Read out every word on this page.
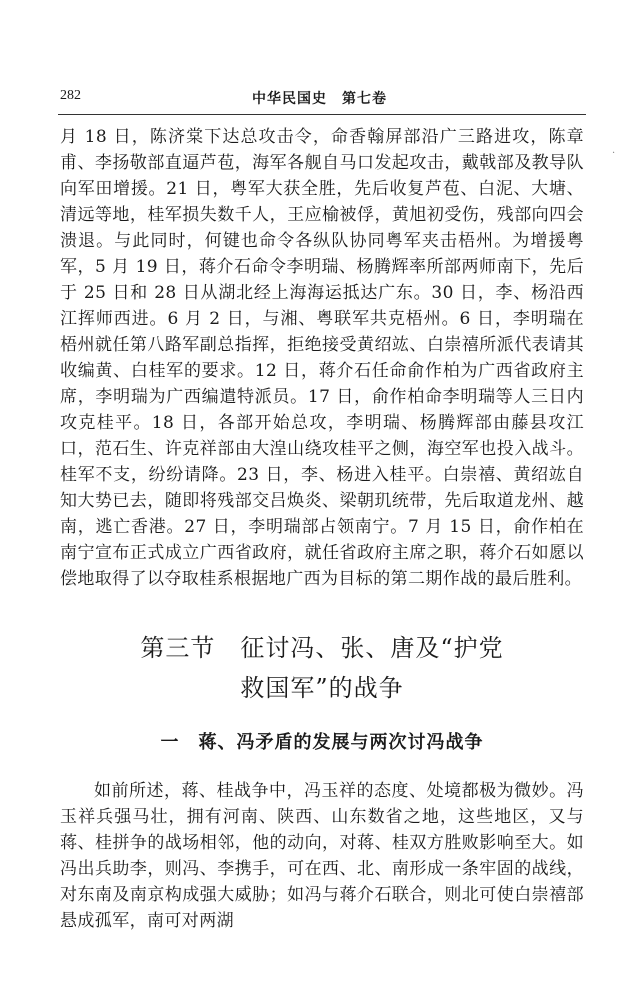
282	中华民国史　第七卷
·

月 18 日，陈济棠下达总攻击令，命香翰屏部沿广三路进攻，陈章甫、李扬敬部直逼芦苞，海军各舰自马口发起攻击，戴戟部及教导队向军田增援。21 日，粤军大获全胜，先后收复芦苞、白泥、大塘、清远等地，桂军损失数千人，王应榆被俘，黄旭初受伤，残部向四会溃退。与此同时，何键也命令各纵队协同粤军夹击梧州。为增援粤军，5 月 19 日，蒋介石命令李明瑞、杨腾辉率所部两师南下，先后于 25 日和 28 日从湖北经上海海运抵达广东。30 日，李、杨沿西江挥师西进。6 月 2 日，与湘、粤联军共克梧州。6 日，李明瑞在梧州就任第八路军副总指挥，拒绝接受黄绍竑、白崇禧所派代表请其收编黄、白桂军的要求。12 日，蒋介石任命俞作柏为广西省政府主席，李明瑞为广西编遣特派员。17 日，俞作柏命李明瑞等人三日内攻克桂平。18 日，各部开始总攻，李明瑞、杨腾辉部由藤县攻江口，范石生、许克祥部由大湟山绕攻桂平之侧，海空军也投入战斗。桂军不支，纷纷请降。23 日，李、杨进入桂平。白崇禧、黄绍竑自知大势已去，随即将残部交吕焕炎、梁朝玑统带，先后取道龙州、越南，逃亡香港。27 日，李明瑞部占领南宁。7 月 15 日，俞作柏在南宁宣布正式成立广西省政府，就任省政府主席之职，蒋介石如愿以偿地取得了以夺取桂系根据地广西为目标的第二期作战的最后胜利。

第三节　征讨冯、张、唐及“护党
救国军”的战争
一　蒋、冯矛盾的发展与两次讨冯战争

如前所述，蒋、桂战争中，冯玉祥的态度、处境都极为微妙。冯玉祥兵强马壮，拥有河南、陕西、山东数省之地，这些地区，又与蒋、桂拼争的战场相邻，他的动向，对蒋、桂双方胜败影响至大。如冯出兵助李，则冯、李携手，可在西、北、南形成一条牢固的战线，对东南及南京构成强大威胁；如冯与蒋介石联合，则北可使白崇禧部悬成孤军，南可对两湖
